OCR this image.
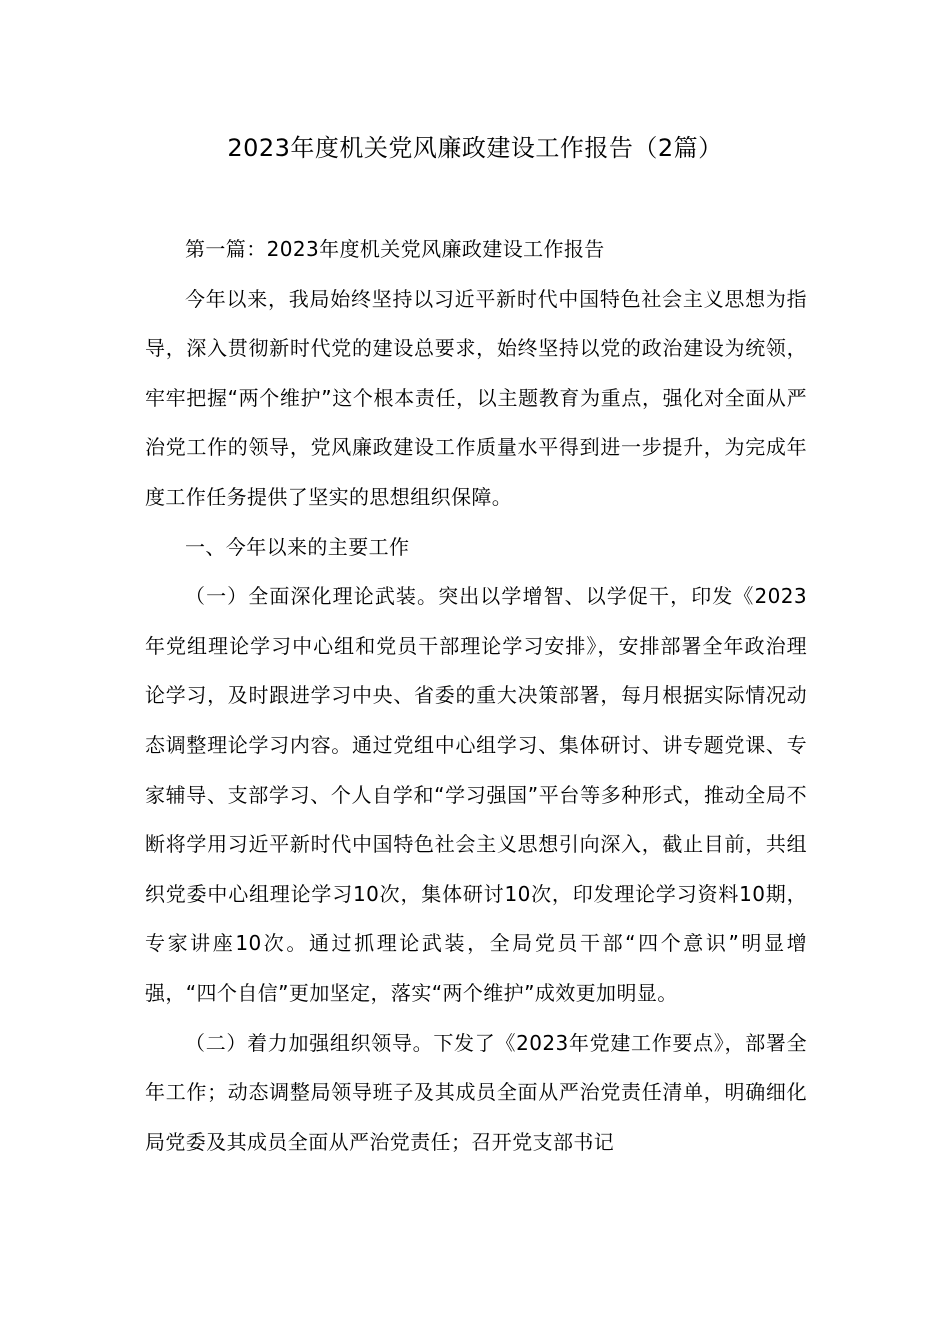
2023年度机关党风廉政建设工作报告（2篇）

第一篇：2023年度机关党风廉政建设工作报告

今年以来，我局始终坚持以习近平新时代中国特色社会主义思想为指导，深入贯彻新时代党的建设总要求，始终坚持以党的政治建设为统领，牢牢把握“两个维护”这个根本责任，以主题教育为重点，强化对全面从严治党工作的领导，党风廉政建设工作质量水平得到进一步提升，为完成年度工作任务提供了坚实的思想组织保障。

一、今年以来的主要工作

（一）全面深化理论武装。突出以学增智、以学促干，印发《2023年党组理论学习中心组和党员干部理论学习安排》，安排部署全年政治理论学习，及时跟进学习中央、省委的重大决策部署，每月根据实际情况动态调整理论学习内容。通过党组中心组学习、集体研讨、讲专题党课、专家辅导、支部学习、个人自学和“学习强国”平台等多种形式，推动全局不断将学用习近平新时代中国特色社会主义思想引向深入，截止目前，共组织党委中心组理论学习10次，集体研讨10次，印发理论学习资料10期，专家讲座10次。通过抓理论武装，全局党员干部“四个意识”明显增强，“四个自信”更加坚定，落实“两个维护”成效更加明显。

（二）着力加强组织领导。下发了《2023年党建工作要点》，部署全年工作；动态调整局领导班子及其成员全面从严治党责任清单，明确细化局党委及其成员全面从严治党责任；召开党支部书记
